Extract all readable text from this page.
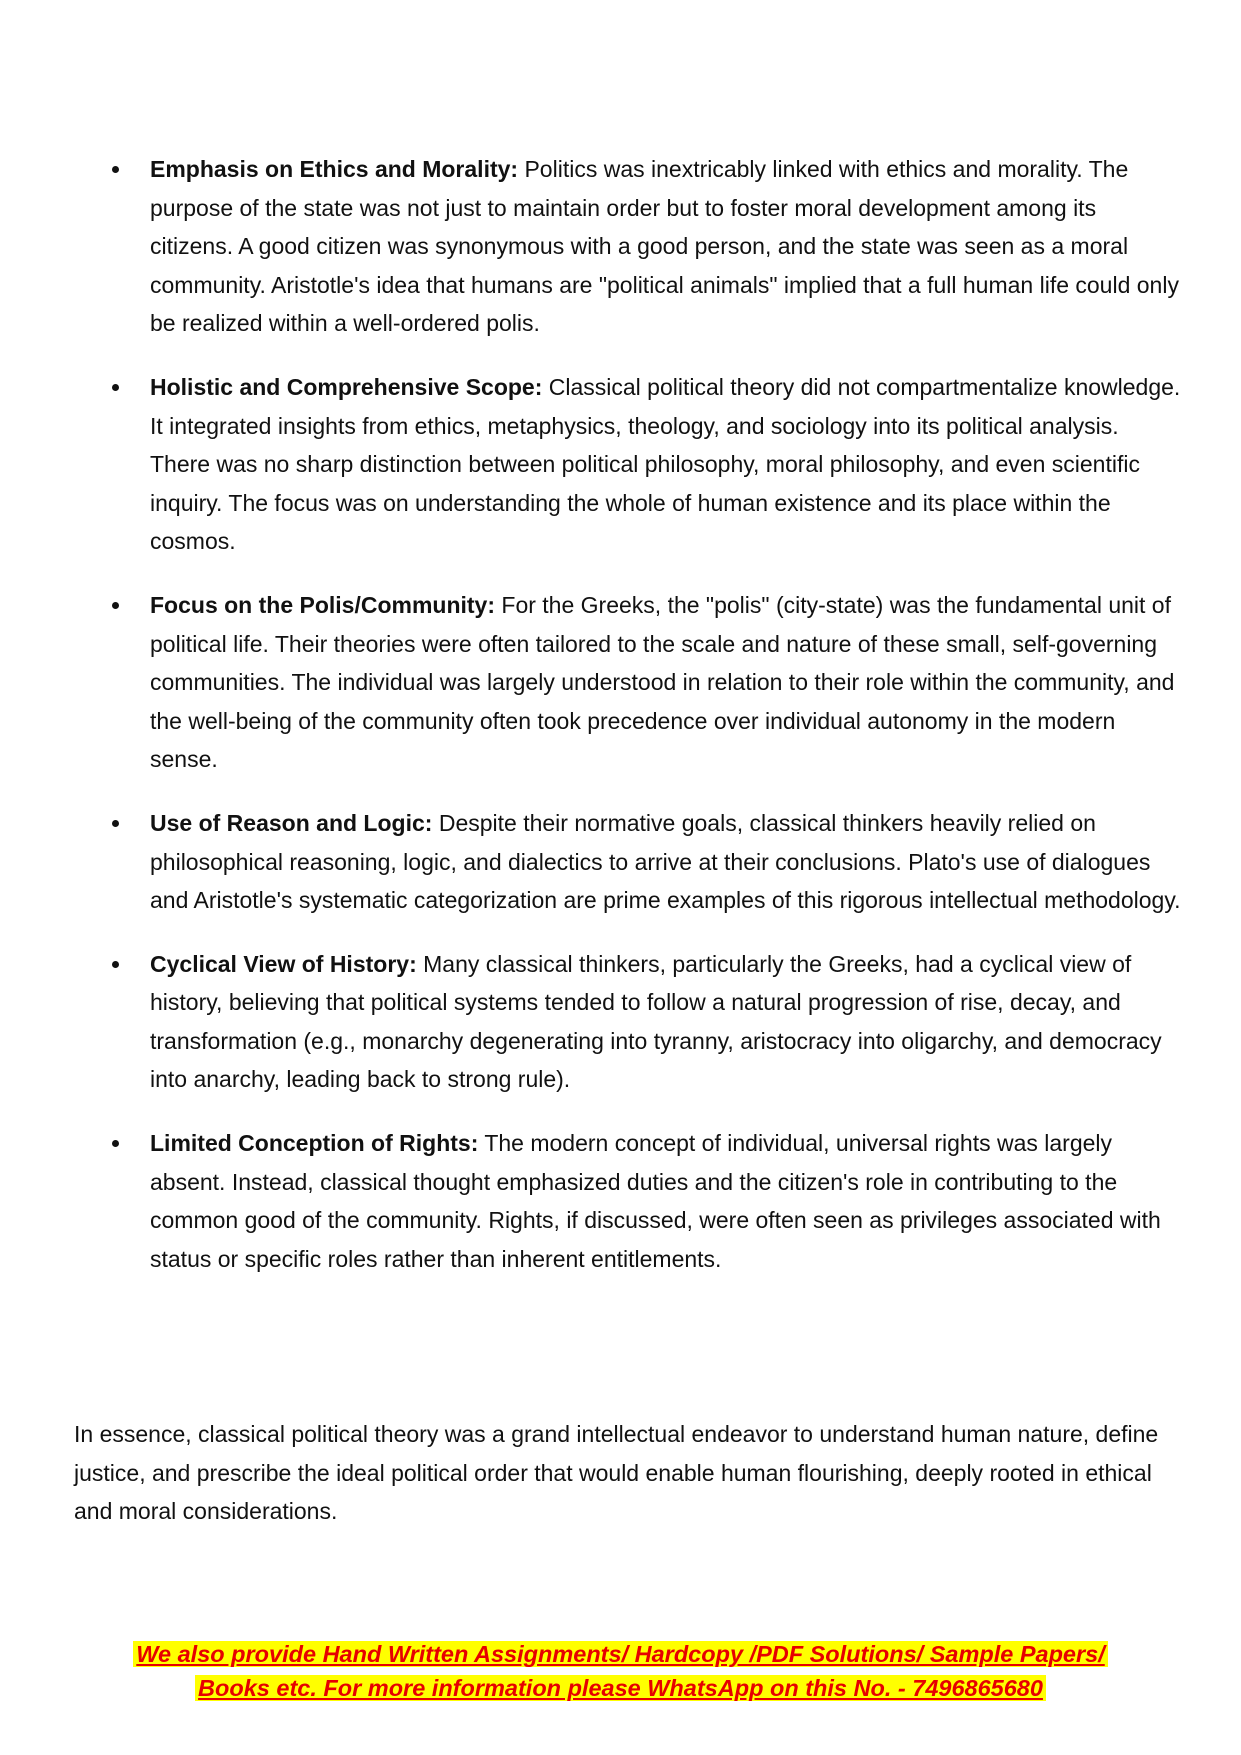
Emphasis on Ethics and Morality: Politics was inextricably linked with ethics and morality. The purpose of the state was not just to maintain order but to foster moral development among its citizens. A good citizen was synonymous with a good person, and the state was seen as a moral community. Aristotle's idea that humans are "political animals" implied that a full human life could only be realized within a well-ordered polis.
Holistic and Comprehensive Scope: Classical political theory did not compartmentalize knowledge. It integrated insights from ethics, metaphysics, theology, and sociology into its political analysis. There was no sharp distinction between political philosophy, moral philosophy, and even scientific inquiry. The focus was on understanding the whole of human existence and its place within the cosmos.
Focus on the Polis/Community: For the Greeks, the "polis" (city-state) was the fundamental unit of political life. Their theories were often tailored to the scale and nature of these small, self-governing communities. The individual was largely understood in relation to their role within the community, and the well-being of the community often took precedence over individual autonomy in the modern sense.
Use of Reason and Logic: Despite their normative goals, classical thinkers heavily relied on philosophical reasoning, logic, and dialectics to arrive at their conclusions. Plato's use of dialogues and Aristotle's systematic categorization are prime examples of this rigorous intellectual methodology.
Cyclical View of History: Many classical thinkers, particularly the Greeks, had a cyclical view of history, believing that political systems tended to follow a natural progression of rise, decay, and transformation (e.g., monarchy degenerating into tyranny, aristocracy into oligarchy, and democracy into anarchy, leading back to strong rule).
Limited Conception of Rights: The modern concept of individual, universal rights was largely absent. Instead, classical thought emphasized duties and the citizen's role in contributing to the common good of the community. Rights, if discussed, were often seen as privileges associated with status or specific roles rather than inherent entitlements.

In essence, classical political theory was a grand intellectual endeavor to understand human nature, define justice, and prescribe the ideal political order that would enable human flourishing, deeply rooted in ethical and moral considerations.

We also provide Hand Written Assignments/ Hardcopy /PDF Solutions/ Sample Papers/
Books etc. For more information please WhatsApp on this No. - 7496865680
